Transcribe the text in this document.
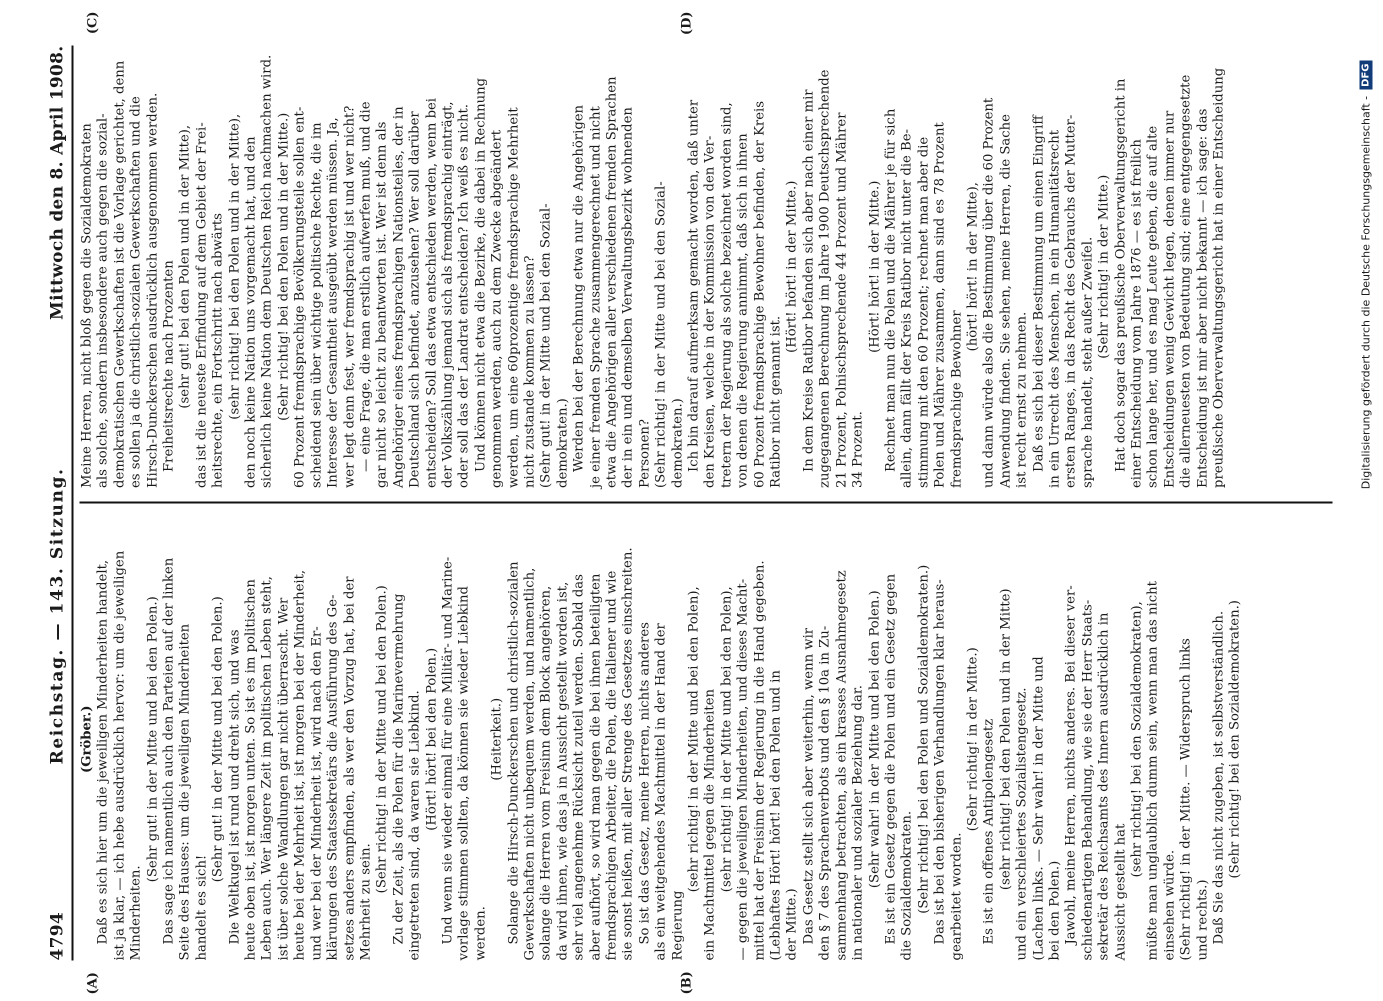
4794
Reichstag. — 143. Sitzung.
Mittwoch den 8. April 1908.
(A)	(B)
(Gröber.) Daß es sich hier um die jeweiligen Minderheiten handelt, ist ja klar, — ich hebe ausdrücklich hervor: um die jeweiligen Minderheiten.
(Sehr gut! in der Mitte und bei den Polen.) Das sage ich namentlich auch den Parteien auf der linken Seite des Hauses: um die jeweiligen Minderheiten handelt es sich!
(Sehr gut! in der Mitte und bei den Polen.) Die Weltkugel ist rund und dreht sich, und was heute oben ist, ist morgen unten. So ist es im politischen Leben auch. Wer längere Zeit im politischen Leben steht, ist über solche Wandlungen gar nicht überrascht. Wer heute bei der Mehrheit ist, ist morgen bei der Minderheit, und wer bei der Minderheit ist, wird nach den Er- klärungen des Staatssekretärs die Ausführung des Ge- setzes anders empfinden, als wer den Vorzug hat, bei der Mehrheit zu sein.
(Sehr richtig! in der Mitte und bei den Polen.) Zu der Zeit, als die Polen für die Marinevermehrung eingetreten sind, da waren sie Liebkind. (Hört! hört! bei den Polen.) Und wenn sie wieder einmal für eine Militär- und Marine- vorlage stimmen sollten, da können sie wieder Liebkind werden.
(Heiterkeit.) Solange die Hirsch-Dunckerschen und christlich-sozialen Gewerkschaften nicht unbequem werden, und namentlich, solange die Herren vom Freisinn dem Block angehören, da wird ihnen, wie das ja in Aussicht gestellt worden ist, sehr viel angenehme Rücksicht zuteil werden. Sobald das aber aufhört, so wird man gegen die bei ihnen beteiligten fremdsprachigen Arbeiter, die Polen, die Italiener und wie sie sonst heißen, mit aller Strenge des Gesetzes einschreiten. So ist das Gesetz, meine Herren, nichts anderes als ein weitgehendes Machtmittel in der Hand der Regierung
(sehr richtig! in der Mitte und bei den Polen), ein Machtmittel gegen die Minderheiten (sehr richtig! in der Mitte und bei den Polen), — gegen die jeweiligen Minderheiten, und dieses Macht- mittel hat der Freisinn der Regierung in die Hand gegeben. (Lebhaftes Hört! hört! bei den Polen und in der Mitte.) Das Gesetz stellt sich aber weiterhin, wenn wir den § 7 des Sprachenverbots und den § 10a in Zu- sammenhang betrachten, als ein krasses Ausnahmegesetz in nationaler und sozialer Beziehung dar. (Sehr wahr! in der Mitte und bei den Polen.) Es ist ein Gesetz gegen die Polen und ein Gesetz gegen die Sozialdemokraten. (Sehr richtig! bei den Polen und Sozialdemokraten.) Das ist bei den bisherigen Verhandlungen klar heraus- gearbeitet worden.
(Sehr richtig! in der Mitte.) Es ist ein offenes Antipolengesetz (sehr richtig! bei den Polen und in der Mitte) und ein verschleiertes Sozialistengesetz. (Lachen links. — Sehr wahr! in der Mitte und bei den Polen.) Jawohl, meine Herren, nichts anderes. Bei dieser ver- schiedenartigen Behandlung, wie sie der Herr Staats- sekretär des Reichsamts des Innern ausdrücklich in Aussicht gestellt hat
(sehr richtig! bei den Sozialdemokraten), müßte man unglaublich dumm sein, wenn man das nicht einsehen würde. (Sehr richtig! in der Mitte. — Widerspruch links und rechts.) Daß Sie das nicht zugeben, ist selbstverständlich. (Sehr richtig! bei den Sozialdemokraten.)
(C)	(D)
Meine Herren, nicht bloß gegen die Sozialdemokraten als solche, sondern insbesondere auch gegen die sozial- demokratischen Gewerkschaften ist die Vorlage gerichtet, denn es sollen ja die christlich-sozialen Gewerkschaften und die Hirsch-Dunckerschen ausdrücklich ausgenommen werden. Freiheitsrechte nach Prozenten (sehr gut! bei den Polen und in der Mitte), das ist die neueste Erfindung auf dem Gebiet der Frei- heitsrechte, ein Fortschritt nach abwärts (sehr richtig! bei den Polen und in der Mitte), den noch keine Nation uns vorgemacht hat, und den sicherlich keine Nation dem Deutschen Reich nachmachen wird. (Sehr richtig! bei den Polen und in der Mitte.) 60 Prozent fremdsprachige Bevölkerungsteile sollen ent- scheidend sein über wichtige politische Rechte, die im Interesse der Gesamtheit ausgeübt werden müssen. Ja, wer legt denn fest, wer fremdsprachig ist und wer nicht? — eine Frage, die man erstlich aufwerfen muß, und die gar nicht so leicht zu beantworten ist. Wer ist denn als Angehöriger eines fremdsprachigen Nationsteiles, der in Deutschland sich befindet, anzusehen? Wer soll darüber entscheiden? Soll das etwa entschieden werden, wenn bei der Volkszählung jemand sich als fremdsprachig einträgt, oder soll das der Landrat entscheiden? Ich weiß es nicht. Und können nicht etwa die Bezirke, die dabei in Rechnung genommen werden, auch zu dem Zwecke abgeändert werden, um eine 60prozentige fremdsprachige Mehrheit nicht zustande kommen zu lassen? (Sehr gut! in der Mitte und bei den Sozial- demokraten.) Werden bei der Berechnung etwa nur die Angehörigen je einer fremden Sprache zusammengerechnet und nicht etwa die Angehörigen aller verschiedenen fremden Sprachen der in ein und demselben Verwaltungsbezirk wohnenden Personen? (Sehr richtig! in der Mitte und bei den Sozial- demokraten.) Ich bin darauf aufmerksam gemacht worden, daß unter den Kreisen, welche in der Kommission von den Ver- tretern der Regierung als solche bezeichnet worden sind, von denen die Regierung annimmt, daß sich in ihnen 60 Prozent fremdsprachige Bewohner befinden, der Kreis Ratibor nicht genannt ist.
(Hört! hört! in der Mitte.) In dem Kreise Ratibor befanden sich aber nach einer mir zugegangenen Berechnung im Jahre 1900 Deutschsprechende 21 Prozent, Polnischsprechende 44 Prozent und Mährer 34 Prozent.
(Hört! hört! in der Mitte.) Rechnet man nun die Polen und die Mährer je für sich allein, dann fällt der Kreis Ratibor nicht unter die Be- stimmung mit den 60 Prozent; rechnet man aber die Polen und Mährer zusammen, dann sind es 78 Prozent fremdsprachige Bewohner
(hört! hört! in der Mitte), und dann würde also die Bestimmung über die 60 Prozent Anwendung finden. Sie sehen, meine Herren, die Sache ist recht ernst zu nehmen. Daß es sich bei dieser Bestimmung um einen Eingriff in ein Urrecht des Menschen, in ein Humanitätsrecht ersten Ranges, in das Recht des Gebrauchs der Mutter- sprache handelt, steht außer Zweifel. (Sehr richtig! in der Mitte.) Hat doch sogar das preußische Oberverwaltungsgericht in einer Entscheidung vom Jahre 1876 — es ist freilich schon lange her, und es mag Leute geben, die auf alte Entscheidungen wenig Gewicht legen, denen immer nur die allerneuesten von Bedeutung sind; eine entgegengesetzte Entscheidung ist mir aber nicht bekannt — ich sage: das preußische Oberverwaltungsgericht hat in einer Entscheidung	Digitalisierung gefördert durch die Deutsche Forschungsgemeinschaft -
DFG
